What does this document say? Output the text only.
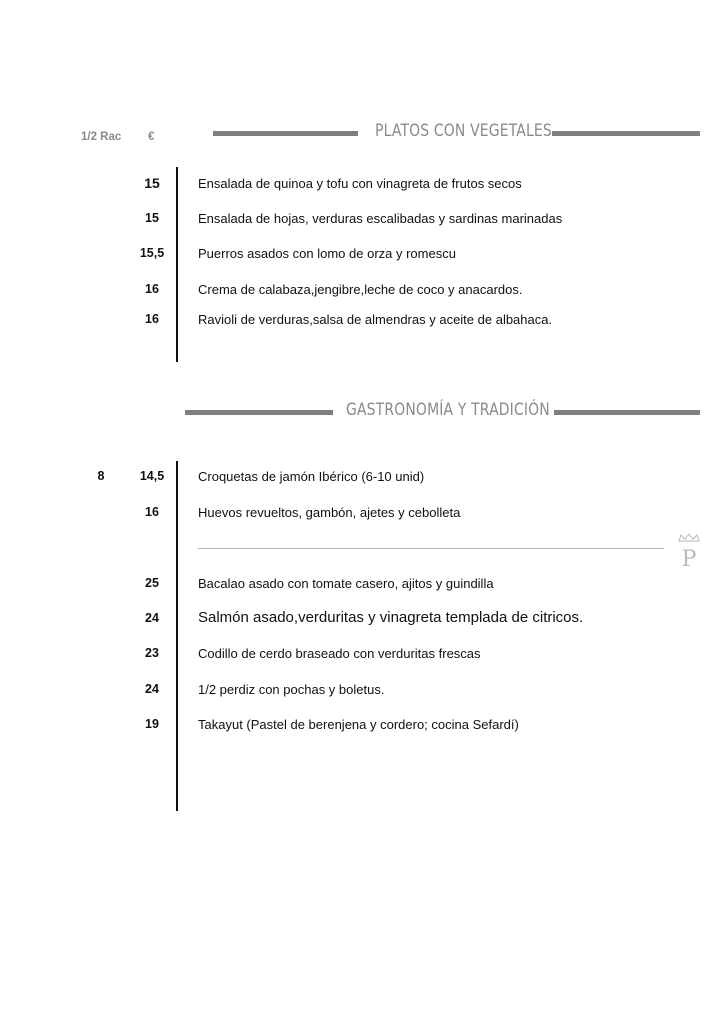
1/2 Rac €	PLATOS CON VEGETALES
15	Ensalada de quinoa y tofu con vinagreta de frutos secos
15	Ensalada de hojas, verduras escalibadas y sardinas marinadas
15,5	Puerros asados con lomo de orza y romescu
16	Crema de calabaza,jengibre,leche de coco y anacardos.
16	Ravioli de verduras,salsa de almendras y aceite de albahaca.
GASTRONOMÍA Y TRADICIÓN
8	14,5	Croquetas de jamón Ibérico (6-10 unid)
16	Huevos revueltos, gambón, ajetes y cebolleta
25	Bacalao asado con tomate casero, ajitos y guindilla
24	Salmón asado,verduritas y vinagreta templada de citricos.
23	Codillo de cerdo braseado con verduritas frescas
24	1/2 perdiz con pochas y boletus.
19	Takayut (Pastel de berenjena y cordero; cocina Sefardí)
P
